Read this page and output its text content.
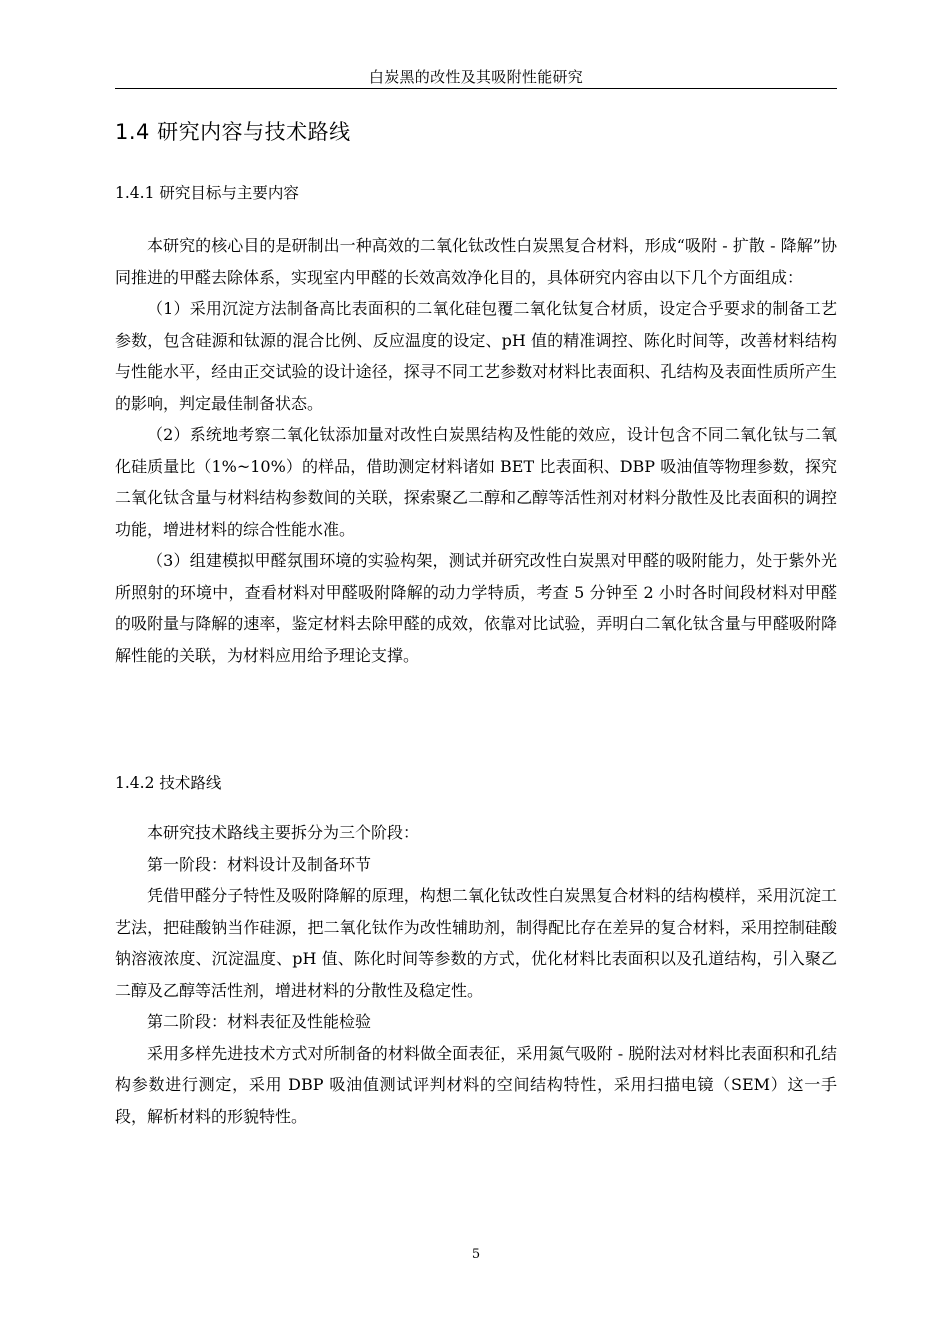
白炭黑的改性及其吸附性能研究
1.4 研究内容与技术路线
1.4.1 研究目标与主要内容

本研究的核心目的是研制出一种高效的二氧化钛改性白炭黑复合材料，形成“吸附 - 扩散 - 降解”协同推进的甲醛去除体系，实现室内甲醛的长效高效净化目的，具体研究内容由以下几个方面组成：

（1）采用沉淀方法制备高比表面积的二氧化硅包覆二氧化钛复合材质，设定合乎要求的制备工艺参数，包含硅源和钛源的混合比例、反应温度的设定、pH 值的精准调控、陈化时间等，改善材料结构与性能水平，经由正交试验的设计途径，探寻不同工艺参数对材料比表面积、孔结构及表面性质所产生的影响，判定最佳制备状态。

（2）系统地考察二氧化钛添加量对改性白炭黑结构及性能的效应，设计包含不同二氧化钛与二氧化硅质量比（1%~10%）的样品，借助测定材料诸如 BET 比表面积、DBP 吸油值等物理参数，探究二氧化钛含量与材料结构参数间的关联，探索聚乙二醇和乙醇等活性剂对材料分散性及比表面积的调控功能，增进材料的综合性能水准。

（3）组建模拟甲醛氛围环境的实验构架，测试并研究改性白炭黑对甲醛的吸附能力，处于紫外光所照射的环境中，查看材料对甲醛吸附降解的动力学特质，考查 5 分钟至 2 小时各时间段材料对甲醛的吸附量与降解的速率，鉴定材料去除甲醛的成效，依靠对比试验，弄明白二氧化钛含量与甲醛吸附降解性能的关联，为材料应用给予理论支撑。

1.4.2 技术路线

本研究技术路线主要拆分为三个阶段：

第一阶段：材料设计及制备环节

凭借甲醛分子特性及吸附降解的原理，构想二氧化钛改性白炭黑复合材料的结构模样，采用沉淀工艺法，把硅酸钠当作硅源，把二氧化钛作为改性辅助剂，制得配比存在差异的复合材料，采用控制硅酸钠溶液浓度、沉淀温度、pH 值、陈化时间等参数的方式，优化材料比表面积以及孔道结构，引入聚乙二醇及乙醇等活性剂，增进材料的分散性及稳定性。

第二阶段：材料表征及性能检验

采用多样先进技术方式对所制备的材料做全面表征，采用氮气吸附 - 脱附法对材料比表面积和孔结构参数进行测定，采用 DBP 吸油值测试评判材料的空间结构特性，采用扫描电镜（SEM）这一手段，解析材料的形貌特性。

5
